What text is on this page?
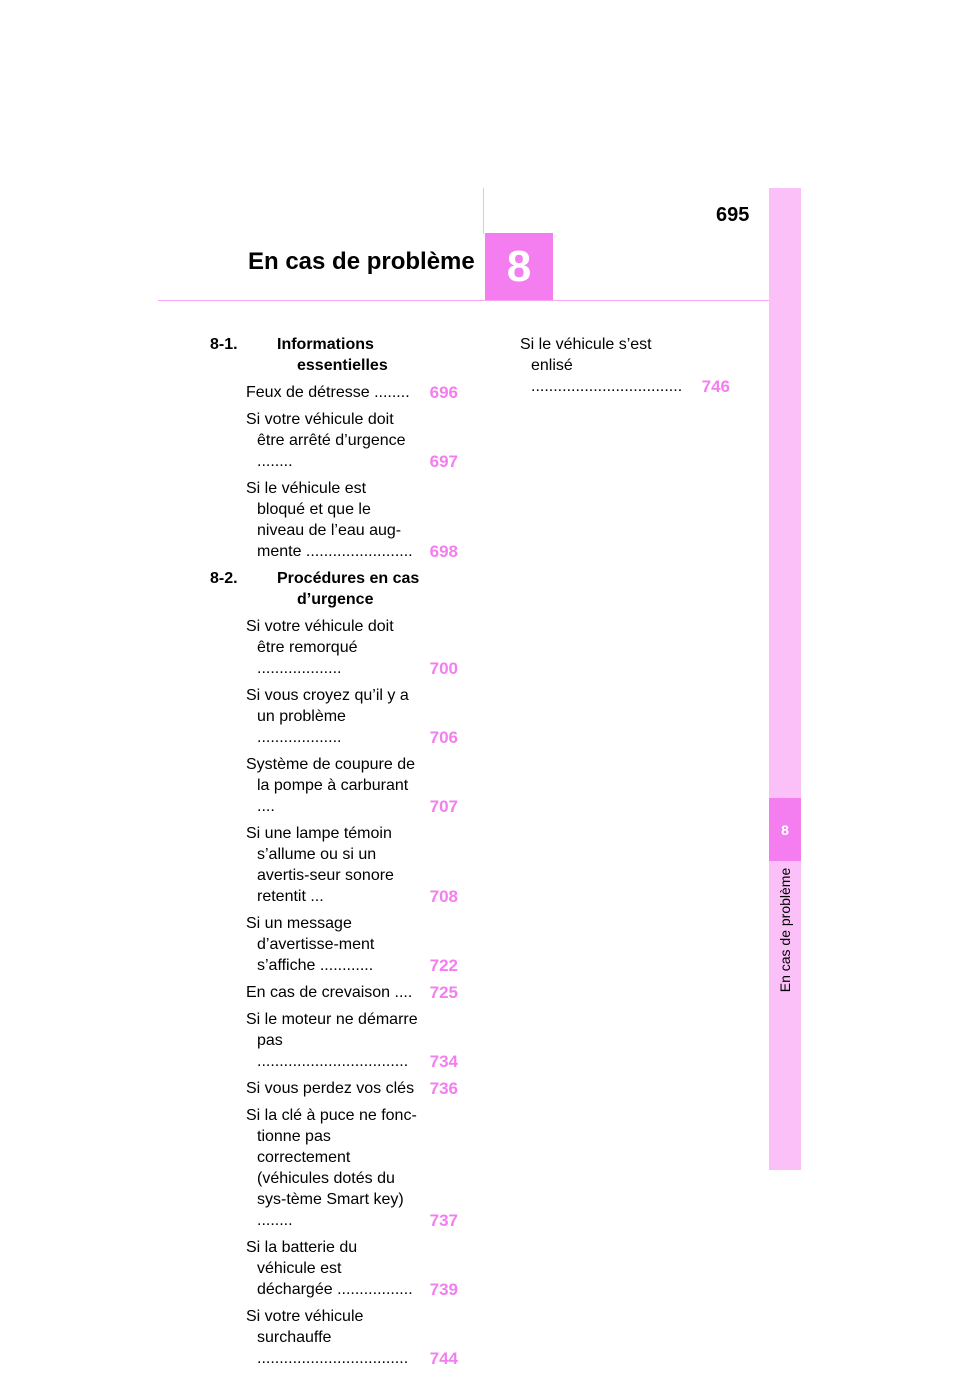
695
En cas de problème 8
8
En cas de problème
8-1.	Informations essentielles
Feux de détresse ........	696
Si votre véhicule doit être arrêté d’urgence ........	697
Si le véhicule est bloqué et que le niveau de l’eau aug-mente ........................	698
8-2.	Procédures en cas d’urgence
Si votre véhicule doit être remorqué ...................	700
Si vous croyez qu’il y a un problème ...................	706
Système de coupure de la pompe à carburant ....	707
Si une lampe témoin s’allume ou si un avertis-seur sonore retentit ...	708
Si un message d’avertisse-ment s’affiche ............	722
En cas de crevaison ....	725
Si le moteur ne démarre pas ..................................	734
Si vous perdez vos clés 736
Si la clé à puce ne fonc-tionne pas correctement (véhicules dotés du sys-tème Smart key) ........	737
Si la batterie du véhicule est déchargée ................. 739
Si votre véhicule surchauffe ..................................	744
Si le véhicule s’est enlisé ..................................	746
